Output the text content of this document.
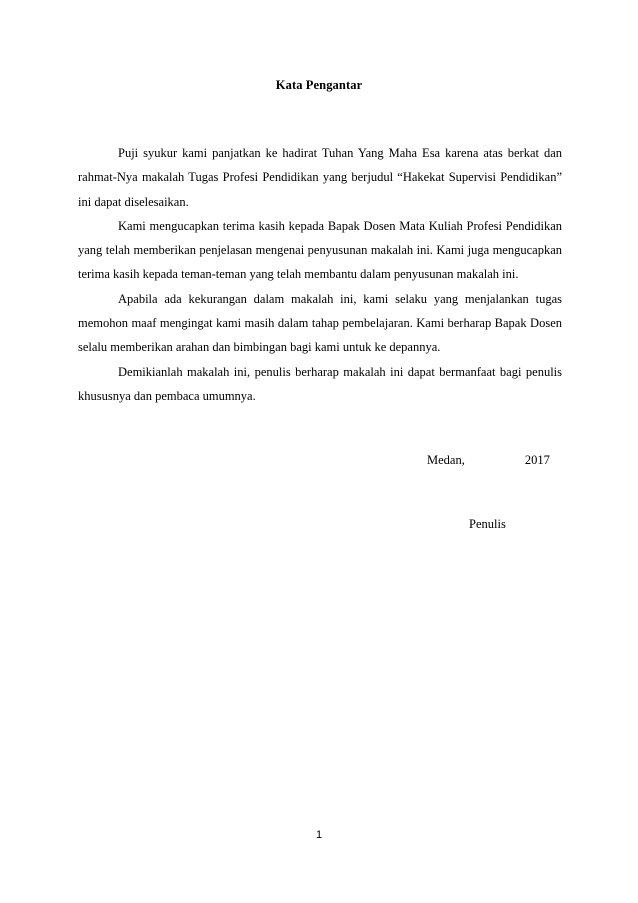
Kata Pengantar

Puji syukur kami panjatkan ke hadirat Tuhan Yang Maha Esa karena atas berkat dan rahmat-Nya makalah Tugas Profesi Pendidikan yang berjudul “Hakekat Supervisi Pendidikan” ini dapat diselesaikan.

Kami mengucapkan terima kasih kepada Bapak Dosen Mata Kuliah Profesi Pendidikan yang telah memberikan penjelasan mengenai penyusunan makalah ini. Kami juga mengucapkan terima kasih kepada teman-teman yang telah membantu dalam penyusunan makalah ini.

Apabila ada kekurangan dalam makalah ini, kami selaku yang menjalankan tugas memohon maaf mengingat kami masih dalam tahap pembelajaran. Kami berharap Bapak Dosen selalu memberikan arahan dan bimbingan bagi kami untuk ke depannya.

Demikianlah makalah ini, penulis berharap makalah ini dapat bermanfaat bagi penulis khususnya dan pembaca umumnya.

Medan,	2017
Penulis
1
